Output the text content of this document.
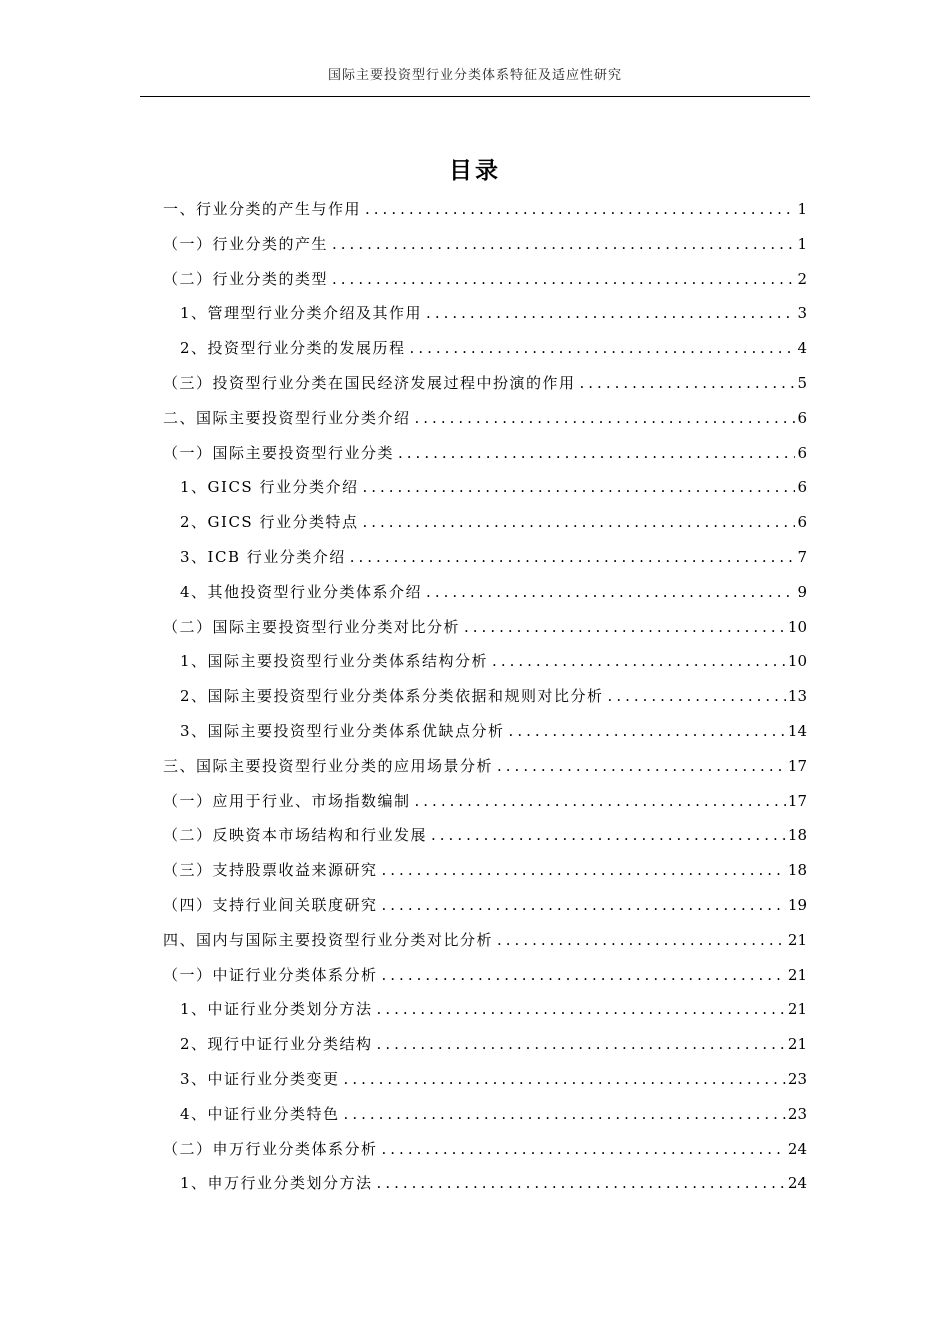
国际主要投资型行业分类体系特征及适应性研究
目录
一、行业分类的产生与作用 .....	1
（一）行业分类的产生 .....	1
（二）行业分类的类型 .....	2
1、管理型行业分类介绍及其作用 .....	3
2、投资型行业分类的发展历程 .....	4
（三）投资型行业分类在国民经济发展过程中扮演的作用 .....	5
二、国际主要投资型行业分类介绍 .....	6
（一）国际主要投资型行业分类 .....	6
1、GICS 行业分类介绍 .....	6
2、GICS 行业分类特点 .....	6
3、ICB 行业分类介绍 .....	7
4、其他投资型行业分类体系介绍 .....	9
（二）国际主要投资型行业分类对比分析 .....	10
1、国际主要投资型行业分类体系结构分析 .....	10
2、国际主要投资型行业分类体系分类依据和规则对比分析 .....	13
3、国际主要投资型行业分类体系优缺点分析 .....	14
三、国际主要投资型行业分类的应用场景分析 .....	17
（一）应用于行业、市场指数编制 .....	17
（二）反映资本市场结构和行业发展 .....	18
（三）支持股票收益来源研究 .....	18
（四）支持行业间关联度研究 .....	19
四、国内与国际主要投资型行业分类对比分析 .....	21
（一）中证行业分类体系分析 .....	21
1、中证行业分类划分方法 .....	21
2、现行中证行业分类结构 .....	21
3、中证行业分类变更 .....	23
4、中证行业分类特色 .....	23
（二）申万行业分类体系分析 .....	24
1、申万行业分类划分方法 .....	24
